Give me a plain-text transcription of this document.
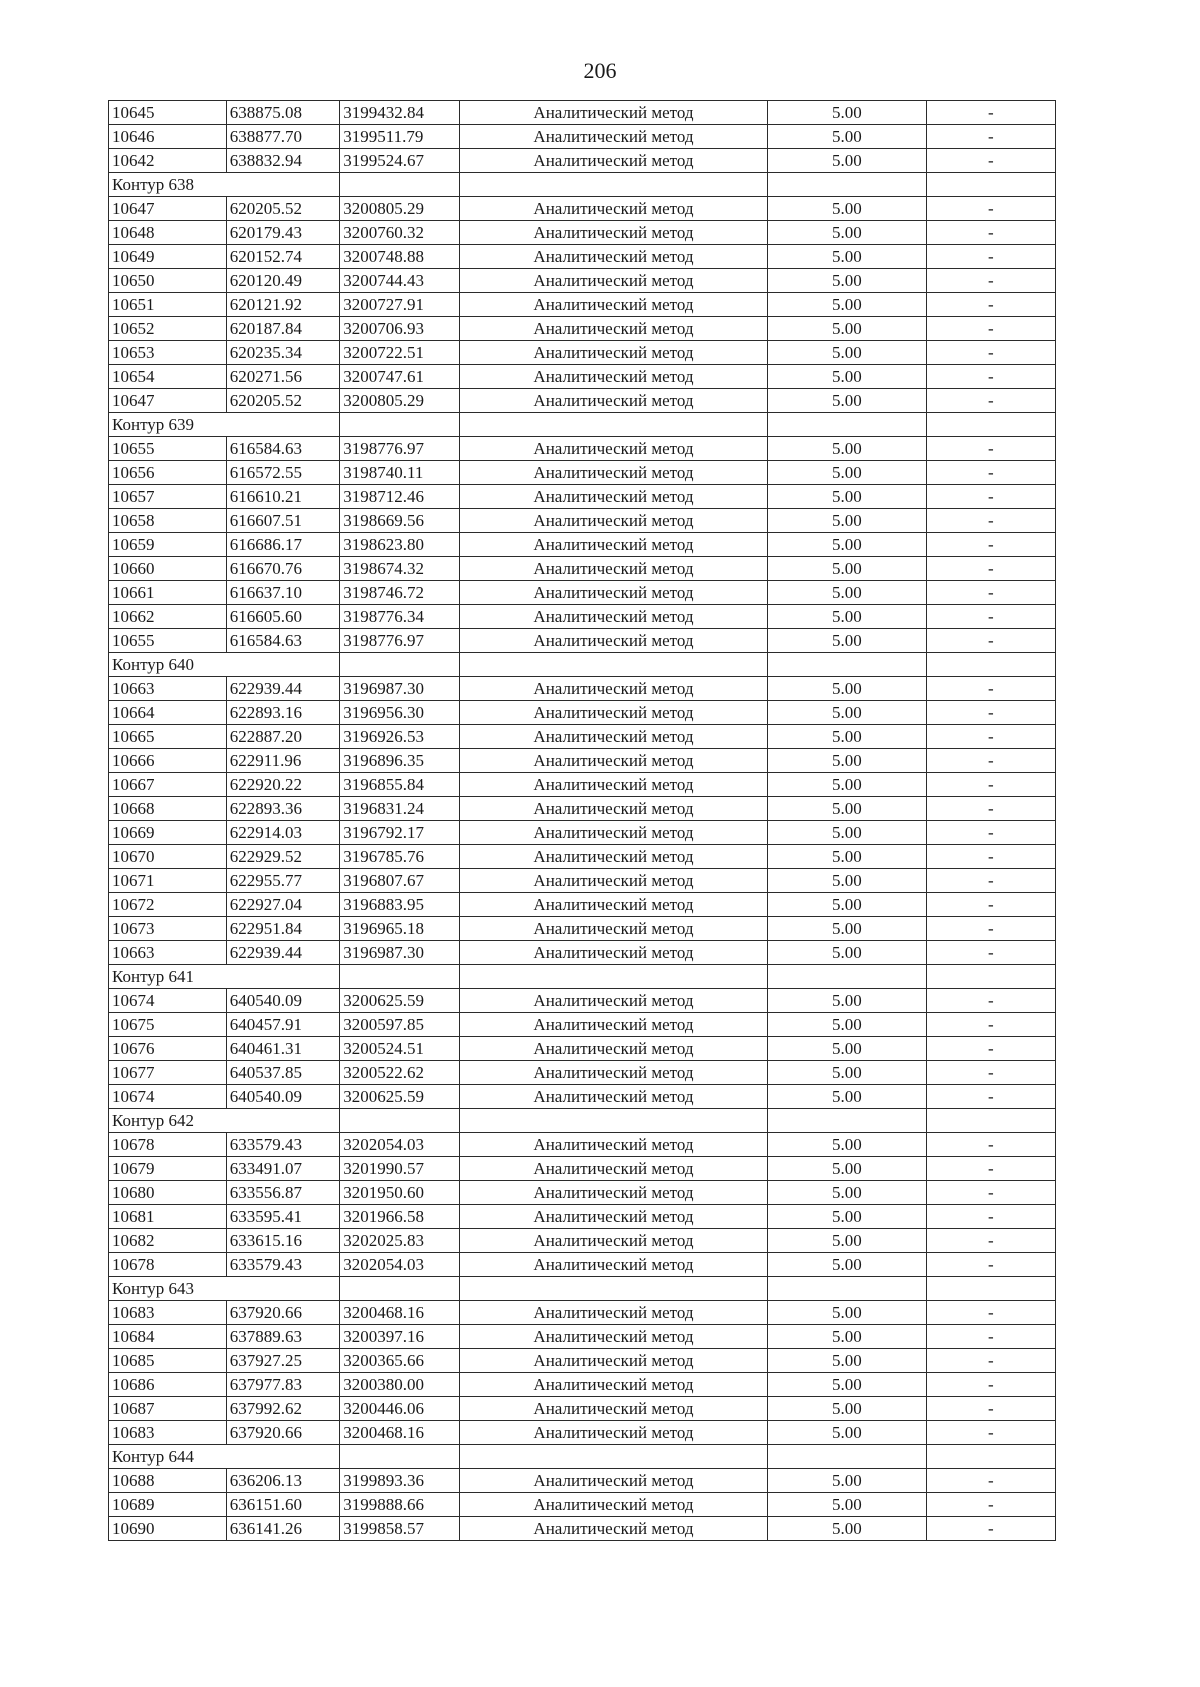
206
10645	638875.08	3199432.84	Аналитический метод	5.00	-
10646	638877.70	3199511.79	Аналитический метод	5.00	-
10642	638832.94	3199524.67	Аналитический метод	5.00	-
Контур 638					
10647	620205.52	3200805.29	Аналитический метод	5.00	-
10648	620179.43	3200760.32	Аналитический метод	5.00	-
10649	620152.74	3200748.88	Аналитический метод	5.00	-
10650	620120.49	3200744.43	Аналитический метод	5.00	-
10651	620121.92	3200727.91	Аналитический метод	5.00	-
10652	620187.84	3200706.93	Аналитический метод	5.00	-
10653	620235.34	3200722.51	Аналитический метод	5.00	-
10654	620271.56	3200747.61	Аналитический метод	5.00	-
10647	620205.52	3200805.29	Аналитический метод	5.00	-
Контур 639					
10655	616584.63	3198776.97	Аналитический метод	5.00	-
10656	616572.55	3198740.11	Аналитический метод	5.00	-
10657	616610.21	3198712.46	Аналитический метод	5.00	-
10658	616607.51	3198669.56	Аналитический метод	5.00	-
10659	616686.17	3198623.80	Аналитический метод	5.00	-
10660	616670.76	3198674.32	Аналитический метод	5.00	-
10661	616637.10	3198746.72	Аналитический метод	5.00	-
10662	616605.60	3198776.34	Аналитический метод	5.00	-
10655	616584.63	3198776.97	Аналитический метод	5.00	-
Контур 640					
10663	622939.44	3196987.30	Аналитический метод	5.00	-
10664	622893.16	3196956.30	Аналитический метод	5.00	-
10665	622887.20	3196926.53	Аналитический метод	5.00	-
10666	622911.96	3196896.35	Аналитический метод	5.00	-
10667	622920.22	3196855.84	Аналитический метод	5.00	-
10668	622893.36	3196831.24	Аналитический метод	5.00	-
10669	622914.03	3196792.17	Аналитический метод	5.00	-
10670	622929.52	3196785.76	Аналитический метод	5.00	-
10671	622955.77	3196807.67	Аналитический метод	5.00	-
10672	622927.04	3196883.95	Аналитический метод	5.00	-
10673	622951.84	3196965.18	Аналитический метод	5.00	-
10663	622939.44	3196987.30	Аналитический метод	5.00	-
Контур 641					
10674	640540.09	3200625.59	Аналитический метод	5.00	-
10675	640457.91	3200597.85	Аналитический метод	5.00	-
10676	640461.31	3200524.51	Аналитический метод	5.00	-
10677	640537.85	3200522.62	Аналитический метод	5.00	-
10674	640540.09	3200625.59	Аналитический метод	5.00	-
Контур 642					
10678	633579.43	3202054.03	Аналитический метод	5.00	-
10679	633491.07	3201990.57	Аналитический метод	5.00	-
10680	633556.87	3201950.60	Аналитический метод	5.00	-
10681	633595.41	3201966.58	Аналитический метод	5.00	-
10682	633615.16	3202025.83	Аналитический метод	5.00	-
10678	633579.43	3202054.03	Аналитический метод	5.00	-
Контур 643					
10683	637920.66	3200468.16	Аналитический метод	5.00	-
10684	637889.63	3200397.16	Аналитический метод	5.00	-
10685	637927.25	3200365.66	Аналитический метод	5.00	-
10686	637977.83	3200380.00	Аналитический метод	5.00	-
10687	637992.62	3200446.06	Аналитический метод	5.00	-
10683	637920.66	3200468.16	Аналитический метод	5.00	-
Контур 644					
10688	636206.13	3199893.36	Аналитический метод	5.00	-
10689	636151.60	3199888.66	Аналитический метод	5.00	-
10690	636141.26	3199858.57	Аналитический метод	5.00	-
